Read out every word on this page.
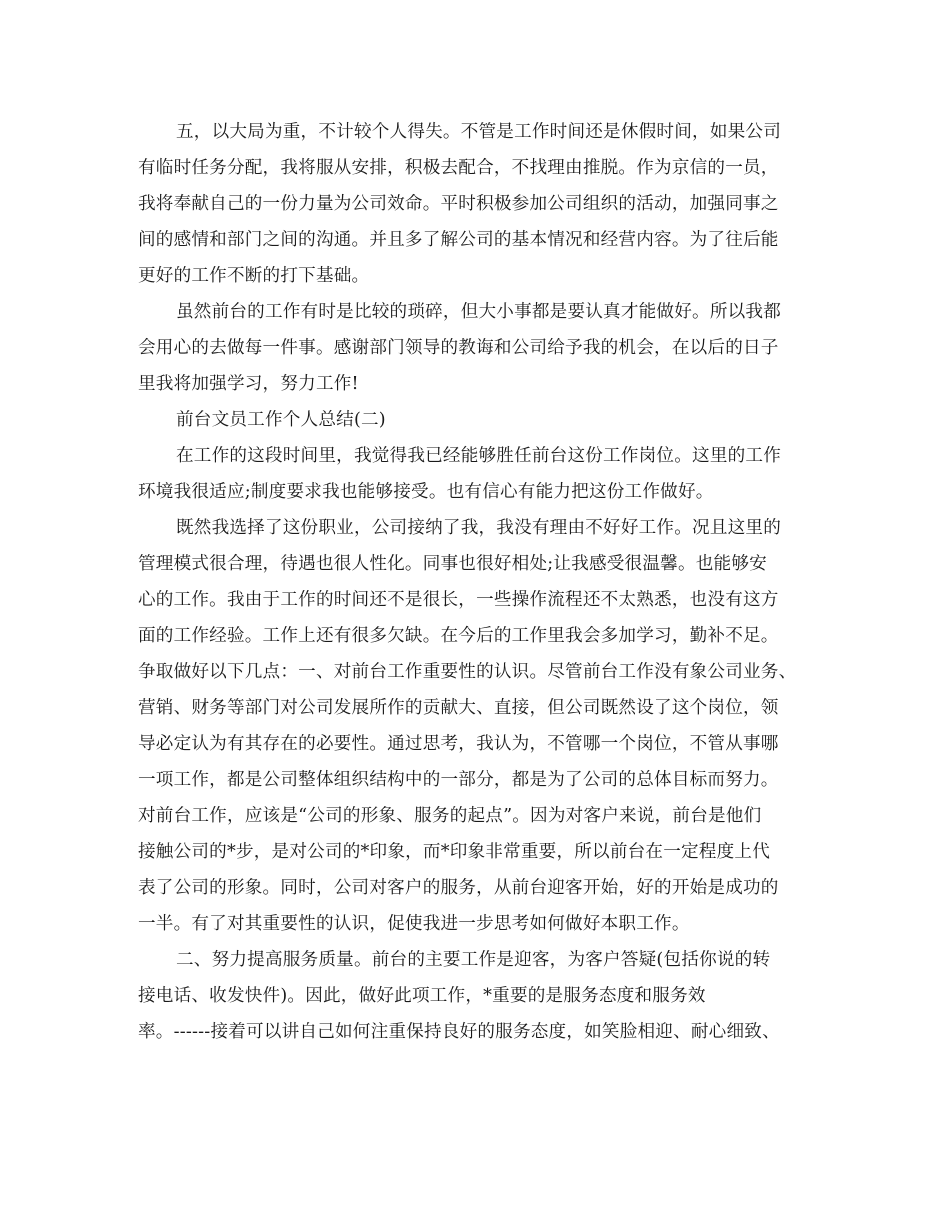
五，以大局为重，不计较个人得失。不管是工作时间还是休假时间，如果公司
有临时任务分配，我将服从安排，积极去配合，不找理由推脱。作为京信的一员，
我将奉献自己的一份力量为公司效命。平时积极参加公司组织的活动，加强同事之
间的感情和部门之间的沟通。并且多了解公司的基本情况和经营内容。为了往后能
更好的工作不断的打下基础。
虽然前台的工作有时是比较的琐碎，但大小事都是要认真才能做好。所以我都
会用心的去做每一件事。感谢部门领导的教诲和公司给予我的机会，在以后的日子
里我将加强学习，努力工作!
前台文员工作个人总结(二)
在工作的这段时间里，我觉得我已经能够胜任前台这份工作岗位。这里的工作
环境我很适应;制度要求我也能够接受。也有信心有能力把这份工作做好。
既然我选择了这份职业，公司接纳了我，我没有理由不好好工作。况且这里的
管理模式很合理，待遇也很人性化。同事也很好相处;让我感受很温馨。也能够安
心的工作。我由于工作的时间还不是很长，一些操作流程还不太熟悉，也没有这方
面的工作经验。工作上还有很多欠缺。在今后的工作里我会多加学习，勤补不足。
争取做好以下几点：一、对前台工作重要性的认识。尽管前台工作没有象公司业务、
营销、财务等部门对公司发展所作的贡献大、直接，但公司既然设了这个岗位，领
导必定认为有其存在的必要性。通过思考，我认为，不管哪一个岗位，不管从事哪
一项工作，都是公司整体组织结构中的一部分，都是为了公司的总体目标而努力。
对前台工作，应该是“公司的形象、服务的起点”。因为对客户来说，前台是他们
接触公司的*步，是对公司的*印象，而*印象非常重要，所以前台在一定程度上代
表了公司的形象。同时，公司对客户的服务，从前台迎客开始，好的开始是成功的
一半。有了对其重要性的认识，促使我进一步思考如何做好本职工作。
二、努力提高服务质量。前台的主要工作是迎客，为客户答疑(包括你说的转
接电话、收发快件)。因此，做好此项工作，*重要的是服务态度和服务效
率。------接着可以讲自己如何注重保持良好的服务态度，如笑脸相迎、耐心细致、
